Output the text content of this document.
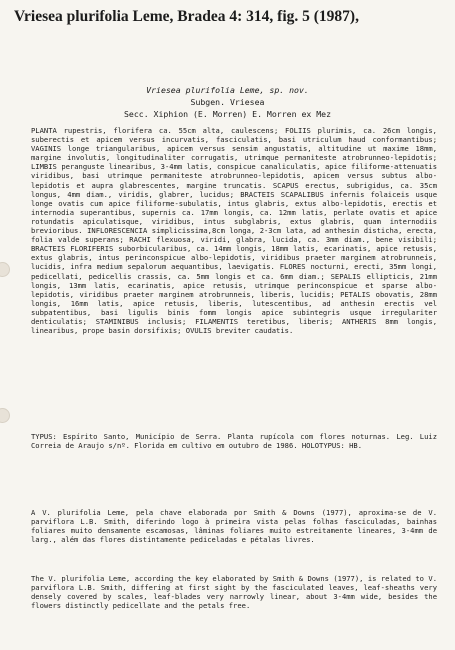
Vriesea plurifolia Leme, Bradea 4: 314, fig. 5 (1987),
Vriesea plurifolia Leme, sp. nov.
Subgen. Vriesea
Secc. Xiphion (E. Morren) E. Morren ex Mez
PLANTA rupestris, florifera ca. 55cm alta, caulescens; FOLIIS plurimis, ca. 26cm longis, suberectis et apicem versus incurvatis, fasciculatis, basi utriculum haud conformantibus; VAGINIS longe triangularibus, apicem versus sensim angustatis, altitudine ut maxime 18mm, margine involutis, longitudinaliter corrugatis, utrimque permaniteste atrobrunneo-lepidotis; LIMBIS peranguste linearibus, 3-4mm latis, conspicue canaliculatis, apice filiforme-attenuatis viridibus, basi utrimque permaniteste atrobrunneo-lepidotis, apicem versus subtus albo-lepidotis et aupra glabrescentes, margine truncatis. SCAPUS erectus, subrigidus, ca. 35cm longus, 4mm diam., viridis, glabrer, lucidus; BRACTEIS SCAPALIBUS infernis folaiceis usque longe ovatis cum apice filiforme-subulatis, intus glabris, extus albo-lepidotis, erectis et internodia superantibus, supernis ca. 17mm longis, ca. 12mm latis, perlate ovatis et apice rotundatis apiculatisque, viridibus, intus subglabris, extus glabris, quam internodiis brevioribus. INFLORESCENCIA simplicissima,8cm longa, 2-3cm lata, ad anthesin disticha, erecta, folia valde superans; RACHI flexuosa, viridi, glabra, lucida, ca. 3mm diam., bene visibili; BRACTEIS FLORIFERIS suborbicularibus, ca. 14mm longis, 18mm latis, ecarinatis, apice retusis, extus glabris, intus perinconspicue albo-lepidotis, viridibus praeter marginem atrobrunneis, lucidis, infra medium sepalorum aequantibus, laevigatis. FLORES nocturni, erecti, 35mm longi, pedicellati, pedicellis crassis, ca. 5mm longis et ca. 6mm diam.; SEPALIS ellipticis, 21mm longis, 13mm latis, ecarinatis, apice retusis, utrimque perinconspicue et sparse albo-lepidotis, viridibus praeter marginem atrobrunneis, liberis, lucidis; PETALIS obovatis, 28mm longis, 16mm latis, apice retusis, liberis, lutescentibus, ad anthesin erectis vel subpatentibus, basi ligulis binis fomm longis apice subintegris usque irregulariter denticulatis; STAMINIBUS inclusis; FILAMENTIS teretibus, liberis; ANTHERIS 8mm longis, linearibus, prope basin dorsifixis; OVULIS breviter caudatis.
TYPUS: Espírito Santo, Município de Serra. Planta rupícola com flores noturnas. Leg. Luiz Correia de Araujo s/nº. Florida em cultivo em outubro de 1986. HOLOTYPUS: HB.
A V. plurifolia Leme, pela chave elaborada por Smith & Downs (1977), aproxima-se de V. parviflora L.B. Smith, diferindo logo à primeira vista pelas folhas fasciculadas, bainhas foliares muito densamente escamosas, lâminas foliares muito estreitamente lineares, 3-4mm de larg., além das flores distintamente pediceladas e pétalas livres.
The V. plurifolia Leme, according the key elaborated by Smith & Downs (1977), is related to V. parviflora L.B. Smith, differing at first sight by the fasciculated leaves, leaf-sheaths very densely covered by scales, leaf-blades very narrowly linear, about 3-4mm wide, besides the flowers distinctly pedicellate and the petals free.
